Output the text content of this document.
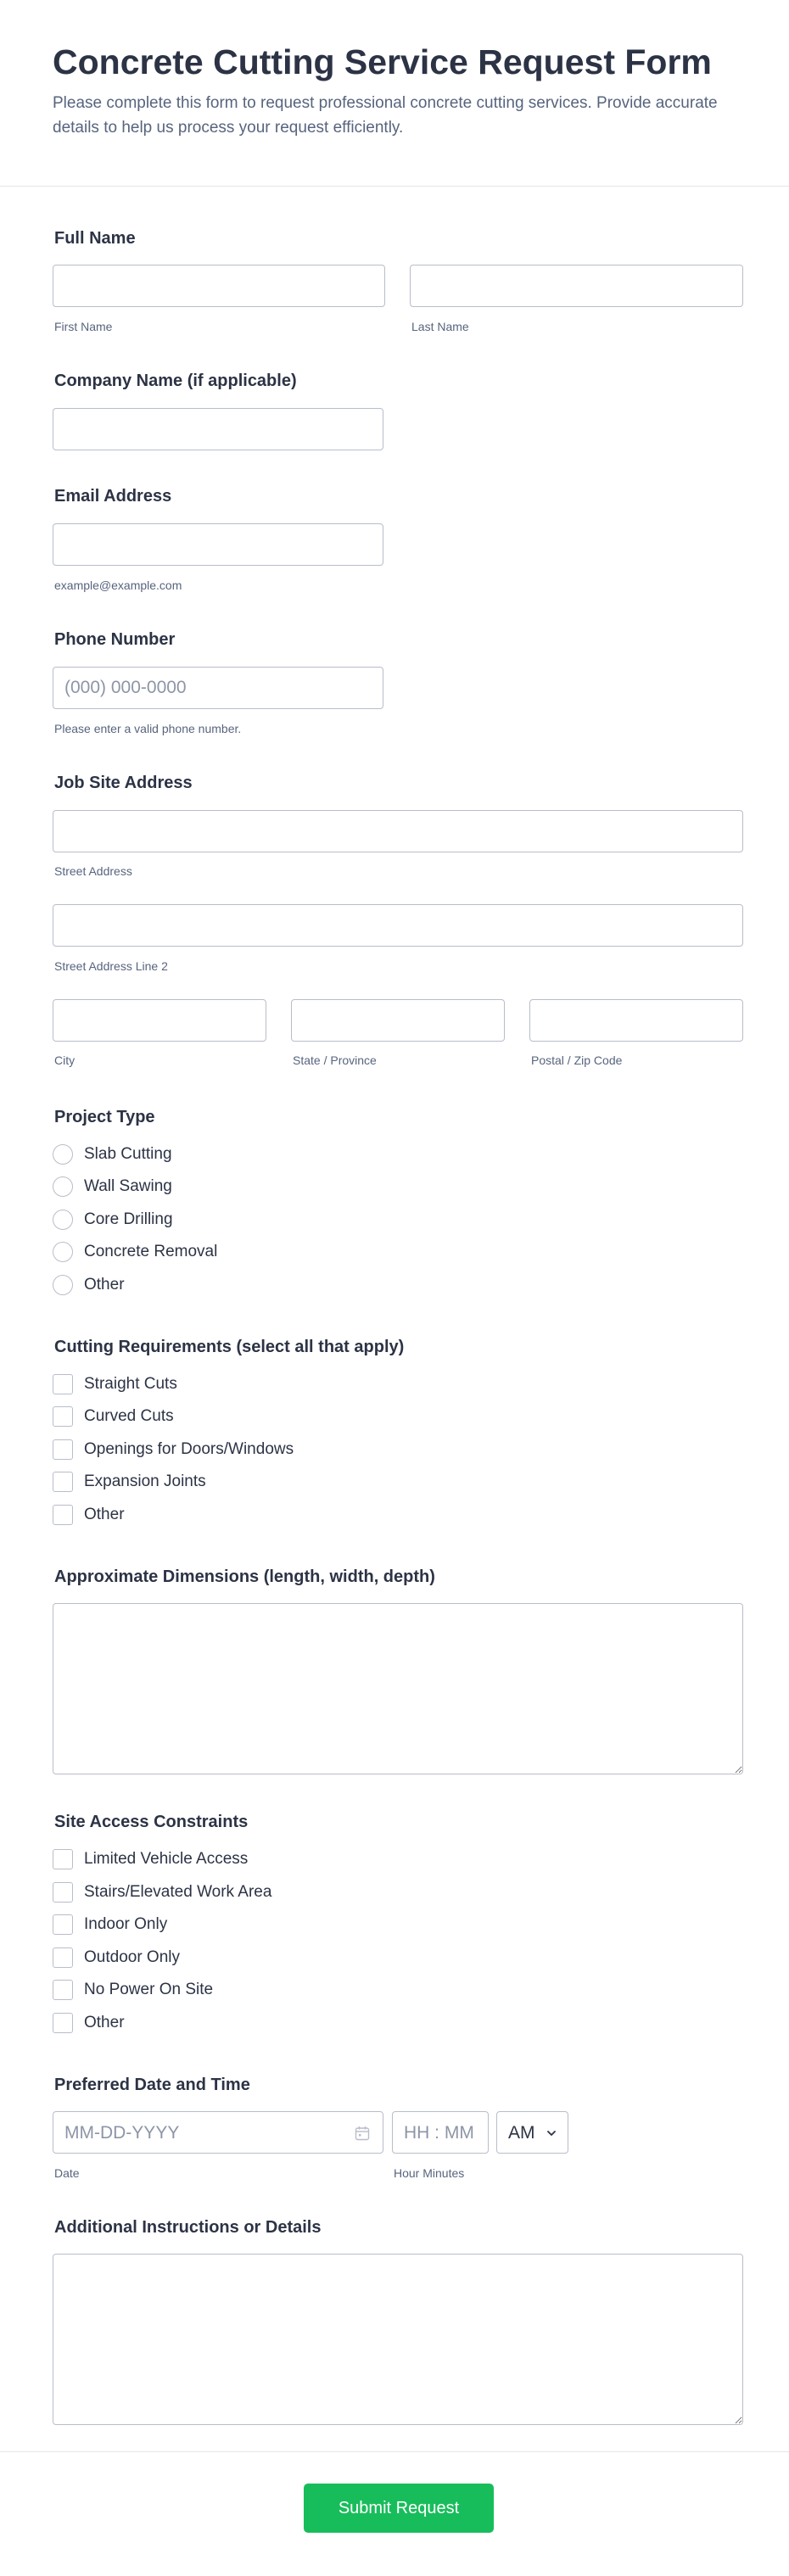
Concrete Cutting Service Request Form
Please complete this form to request professional concrete cutting services. Provide accurate details to help us process your request efficiently.
Full Name
First Name	Last Name
Company Name (if applicable)
Email Address
example@example.com
Phone Number
(000) 000-0000
Please enter a valid phone number.
Job Site Address
Street Address
Street Address Line 2
City	State / Province	Postal / Zip Code
Project Type
Slab Cutting
Wall Sawing
Core Drilling
Concrete Removal
Other
Cutting Requirements (select all that apply)
Straight Cuts
Curved Cuts
Openings for Doors/Windows
Expansion Joints
Other
Approximate Dimensions (length, width, depth)
Site Access Constraints
Limited Vehicle Access
Stairs/Elevated Work Area
Indoor Only
Outdoor Only
No Power On Site
Other
Preferred Date and Time
MM-DD-YYYY	HH : MM AM
Date	Hour Minutes
Additional Instructions or Details
Submit Request
